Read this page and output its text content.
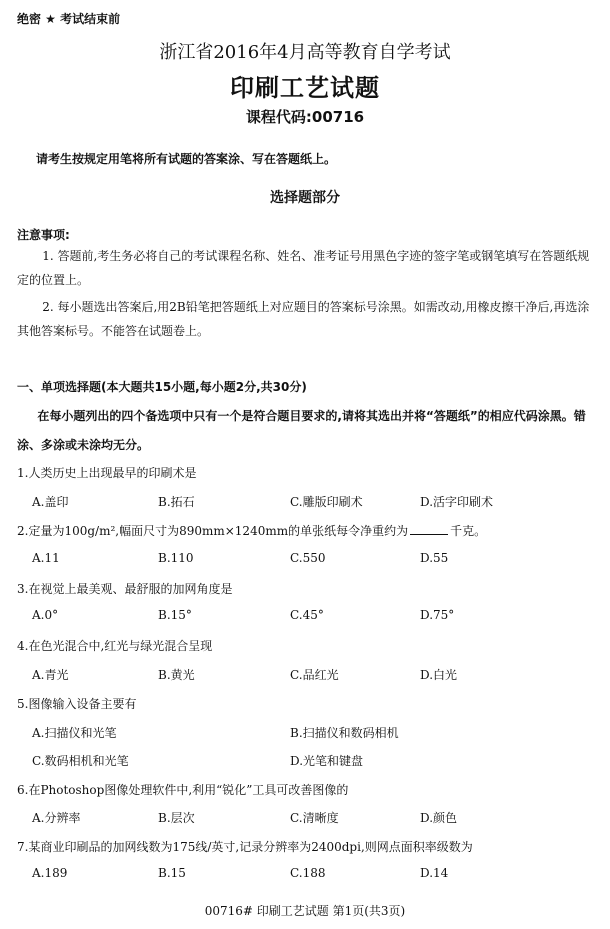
绝密 ★ 考试结束前
浙江省2016年4月高等教育自学考试
印刷工艺试题
课程代码:00716
请考生按规定用笔将所有试题的答案涂、写在答题纸上。
选择题部分
注意事项:
1. 答题前,考生务必将自己的考试课程名称、姓名、准考证号用黑色字迹的签字笔或钢笔填写在答题纸规定的位置上。
2. 每小题选出答案后,用2B铅笔把答题纸上对应题目的答案标号涂黑。如需改动,用橡皮擦干净后,再选涂其他答案标号。不能答在试题卷上。
一、单项选择题(本大题共15小题,每小题2分,共30分)
在每小题列出的四个备选项中只有一个是符合题目要求的,请将其选出并将“答题纸”的相应代码涂黑。错涂、多涂或未涂均无分。
1.人类历史上出现最早的印刷术是
A.盖印	B.拓石	C.雕版印刷术	D.活字印刷术
2.定量为100g/m²,幅面尺寸为890mm×1240mm的单张纸每令净重约为	千克。
A.11	B.110	C.550	D.55
3.在视觉上最美观、最舒服的加网角度是
A.0°	B.15°	C.45°	D.75°
4.在色光混合中,红光与绿光混合呈现
A.青光	B.黄光	C.品红光	D.白光
5.图像输入设备主要有
A.扫描仪和光笔	B.扫描仪和数码相机
C.数码相机和光笔	D.光笔和键盘
6.在Photoshop图像处理软件中,利用“锐化”工具可改善图像的
A.分辨率	B.层次	C.清晰度	D.颜色
7.某商业印刷品的加网线数为175线/英寸,记录分辨率为2400dpi,则网点面积率级数为
A.189	B.15	C.188	D.14
00716# 印刷工艺试题 第1页(共3页)
